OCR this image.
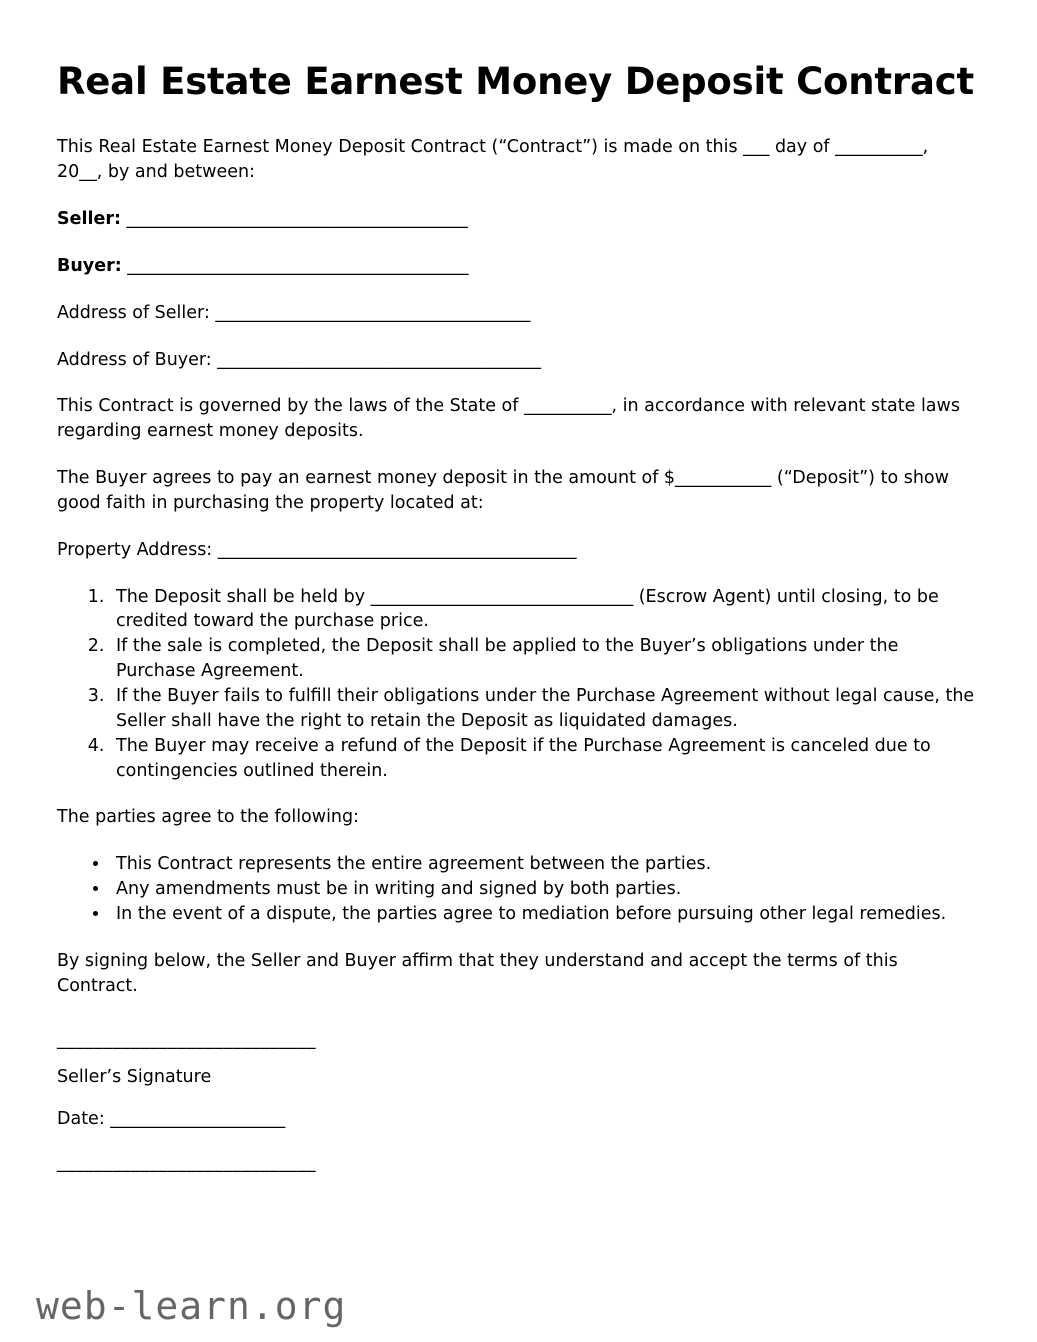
Real Estate Earnest Money Deposit Contract

This Real Estate Earnest Money Deposit Contract (“Contract”) is made on this ___ day of __________, 20__, by and between:

Seller: _______________________________________

Buyer: _______________________________________

Address of Seller: ____________________________________

Address of Buyer: _____________________________________

This Contract is governed by the laws of the State of __________, in accordance with relevant state laws regarding earnest money deposits.

The Buyer agrees to pay an earnest money deposit in the amount of $___________ (“Deposit”) to show good faith in purchasing the property located at:

Property Address: _________________________________________

1. The Deposit shall be held by ______________________________ (Escrow Agent) until closing, to be credited toward the purchase price.
2. If the sale is completed, the Deposit shall be applied to the Buyer’s obligations under the Purchase Agreement.
3. If the Buyer fails to fulfill their obligations under the Purchase Agreement without legal cause, the Seller shall have the right to retain the Deposit as liquidated damages.
4. The Buyer may receive a refund of the Deposit if the Purchase Agreement is canceled due to contingencies outlined therein.

The parties agree to the following:

• This Contract represents the entire agreement between the parties.
• Any amendments must be in writing and signed by both parties.
• In the event of a dispute, the parties agree to mediation before pursuing other legal remedies.

By signing below, the Seller and Buyer affirm that they understand and accept the terms of this Contract.

____________________________

Seller’s Signature

Date: ____________________

____________________________

web-learn.org
